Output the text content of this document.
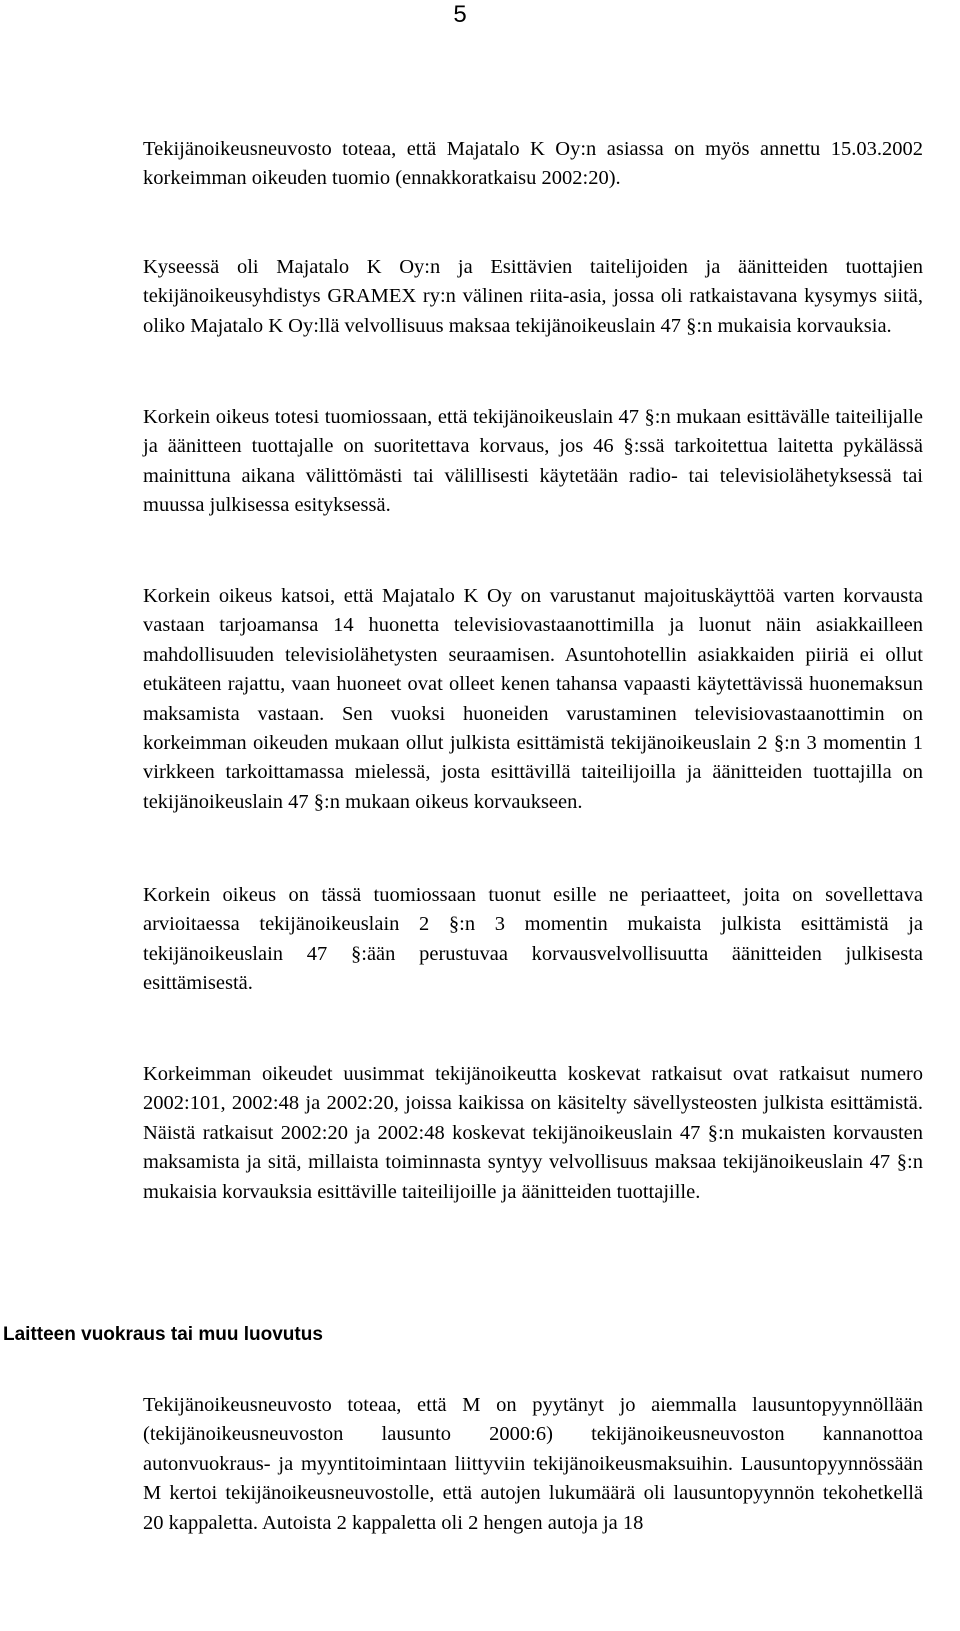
5

Tekijänoikeusneuvosto toteaa, että Majatalo K Oy:n asiassa on myös annettu 15.03.2002 korkeimman oikeuden tuomio (ennakkoratkaisu 2002:20).

Kyseessä oli Majatalo K Oy:n ja Esittävien taitelijoiden ja äänitteiden tuottajien tekijänoikeusyhdistys GRAMEX ry:n välinen riita-asia, jossa oli ratkaistavana kysymys siitä, oliko Majatalo K Oy:llä velvollisuus maksaa tekijänoikeuslain 47 §:n mukaisia korvauksia.

Korkein oikeus totesi tuomiossaan, että tekijänoikeuslain 47 §:n mukaan esittävälle taiteilijalle ja äänitteen tuottajalle on suoritettava korvaus, jos 46 §:ssä tarkoitettua laitetta pykälässä mainittuna aikana välittömästi tai välillisesti käytetään radio- tai televisiolähetyksessä tai muussa julkisessa esityksessä.

Korkein oikeus katsoi, että Majatalo K Oy on varustanut majoituskäyttöä varten korvausta vastaan tarjoamansa 14 huonetta televisiovastaanottimilla ja luonut näin asiakkailleen mahdollisuuden televisiolähetysten seuraamisen. Asuntohotellin asiakkaiden piiriä ei ollut etukäteen rajattu, vaan huoneet ovat olleet kenen tahansa vapaasti käytettävissä huonemaksun maksamista vastaan. Sen vuoksi huoneiden varustaminen televisiovastaanottimin on korkeimman oikeuden mukaan ollut julkista esittämistä tekijänoikeuslain 2 §:n 3 momentin 1 virkkeen tarkoittamassa mielessä, josta esittävillä taiteilijoilla ja äänitteiden tuottajilla on tekijänoikeuslain 47 §:n mukaan oikeus korvaukseen.

Korkein oikeus on tässä tuomiossaan tuonut esille ne periaatteet, joita on sovellettava arvioitaessa tekijänoikeuslain 2 §:n 3 momentin mukaista julkista esittämistä ja tekijänoikeuslain 47 §:ään perustuvaa korvausvelvollisuutta äänitteiden julkisesta esittämisestä.

Korkeimman oikeudet uusimmat tekijänoikeutta koskevat ratkaisut ovat ratkaisut numero 2002:101, 2002:48 ja 2002:20, joissa kaikissa on käsitelty sävellysteosten julkista esittämistä. Näistä ratkaisut 2002:20 ja 2002:48 koskevat tekijänoikeuslain 47 §:n mukaisten korvausten maksamista ja sitä, millaista toiminnasta syntyy velvollisuus maksaa tekijänoikeuslain 47 §:n mukaisia korvauksia esittäville taiteilijoille ja äänitteiden tuottajille.

Laitteen vuokraus tai muu luovutus

Tekijänoikeusneuvosto toteaa, että M on pyytänyt jo aiemmalla lausuntopyynnöllään (tekijänoikeusneuvoston lausunto 2000:6) tekijänoikeusneuvoston kannanottoa autonvuokraus- ja myyntitoimintaan liittyviin tekijänoikeusmaksuihin. Lausuntopyynnössään M kertoi tekijänoikeusneuvostolle, että autojen lukumäärä oli lausuntopyynnön tekohetkellä 20 kappaletta. Autoista 2 kappaletta oli 2 hengen autoja ja 18
